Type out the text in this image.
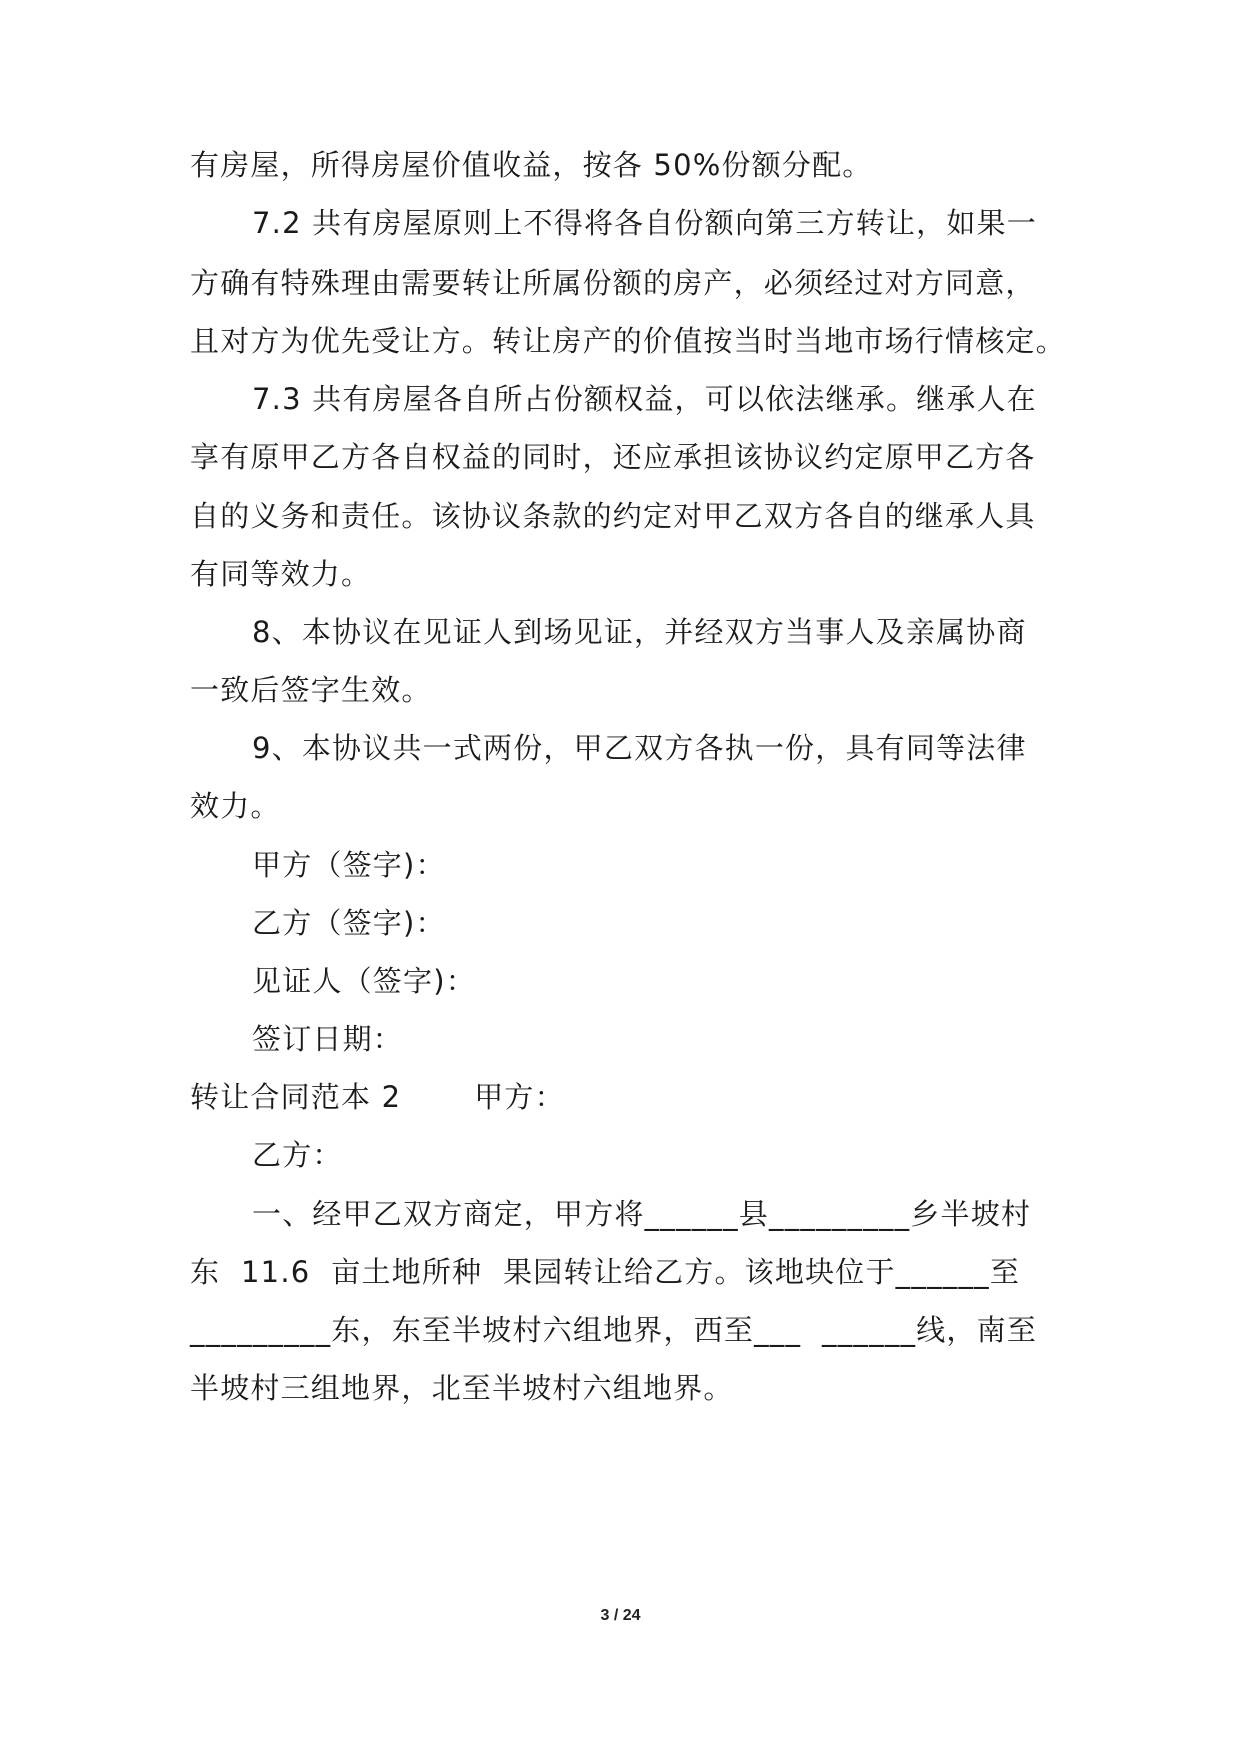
有房屋，所得房屋价值收益，按各 50%份额分配。
7.2 共有房屋原则上不得将各自份额向第三方转让，如果一
方确有特殊理由需要转让所属份额的房产，必须经过对方同意，
且对方为优先受让方。转让房产的价值按当时当地市场行情核定。
7.3 共有房屋各自所占份额权益，可以依法继承。继承人在
享有原甲乙方各自权益的同时，还应承担该协议约定原甲乙方各
自的义务和责任。该协议条款的约定对甲乙双方各自的继承人具
有同等效力。
8、本协议在见证人到场见证，并经双方当事人及亲属协商
一致后签字生效。
9、本协议共一式两份，甲乙双方各执一份，具有同等法律
效力。
甲方（签字)：
乙方（签字)：
见证人（签字)：
签订日期：
转让合同范本 2       甲方：
乙方：
一、经甲乙双方商定，甲方将______县_________乡半坡村
东  11.6  亩土地所种  果园转让给乙方。该地块位于______至
_________东，东至半坡村六组地界，西至___  ______线，南至
半坡村三组地界，北至半坡村六组地界。
3 / 24
